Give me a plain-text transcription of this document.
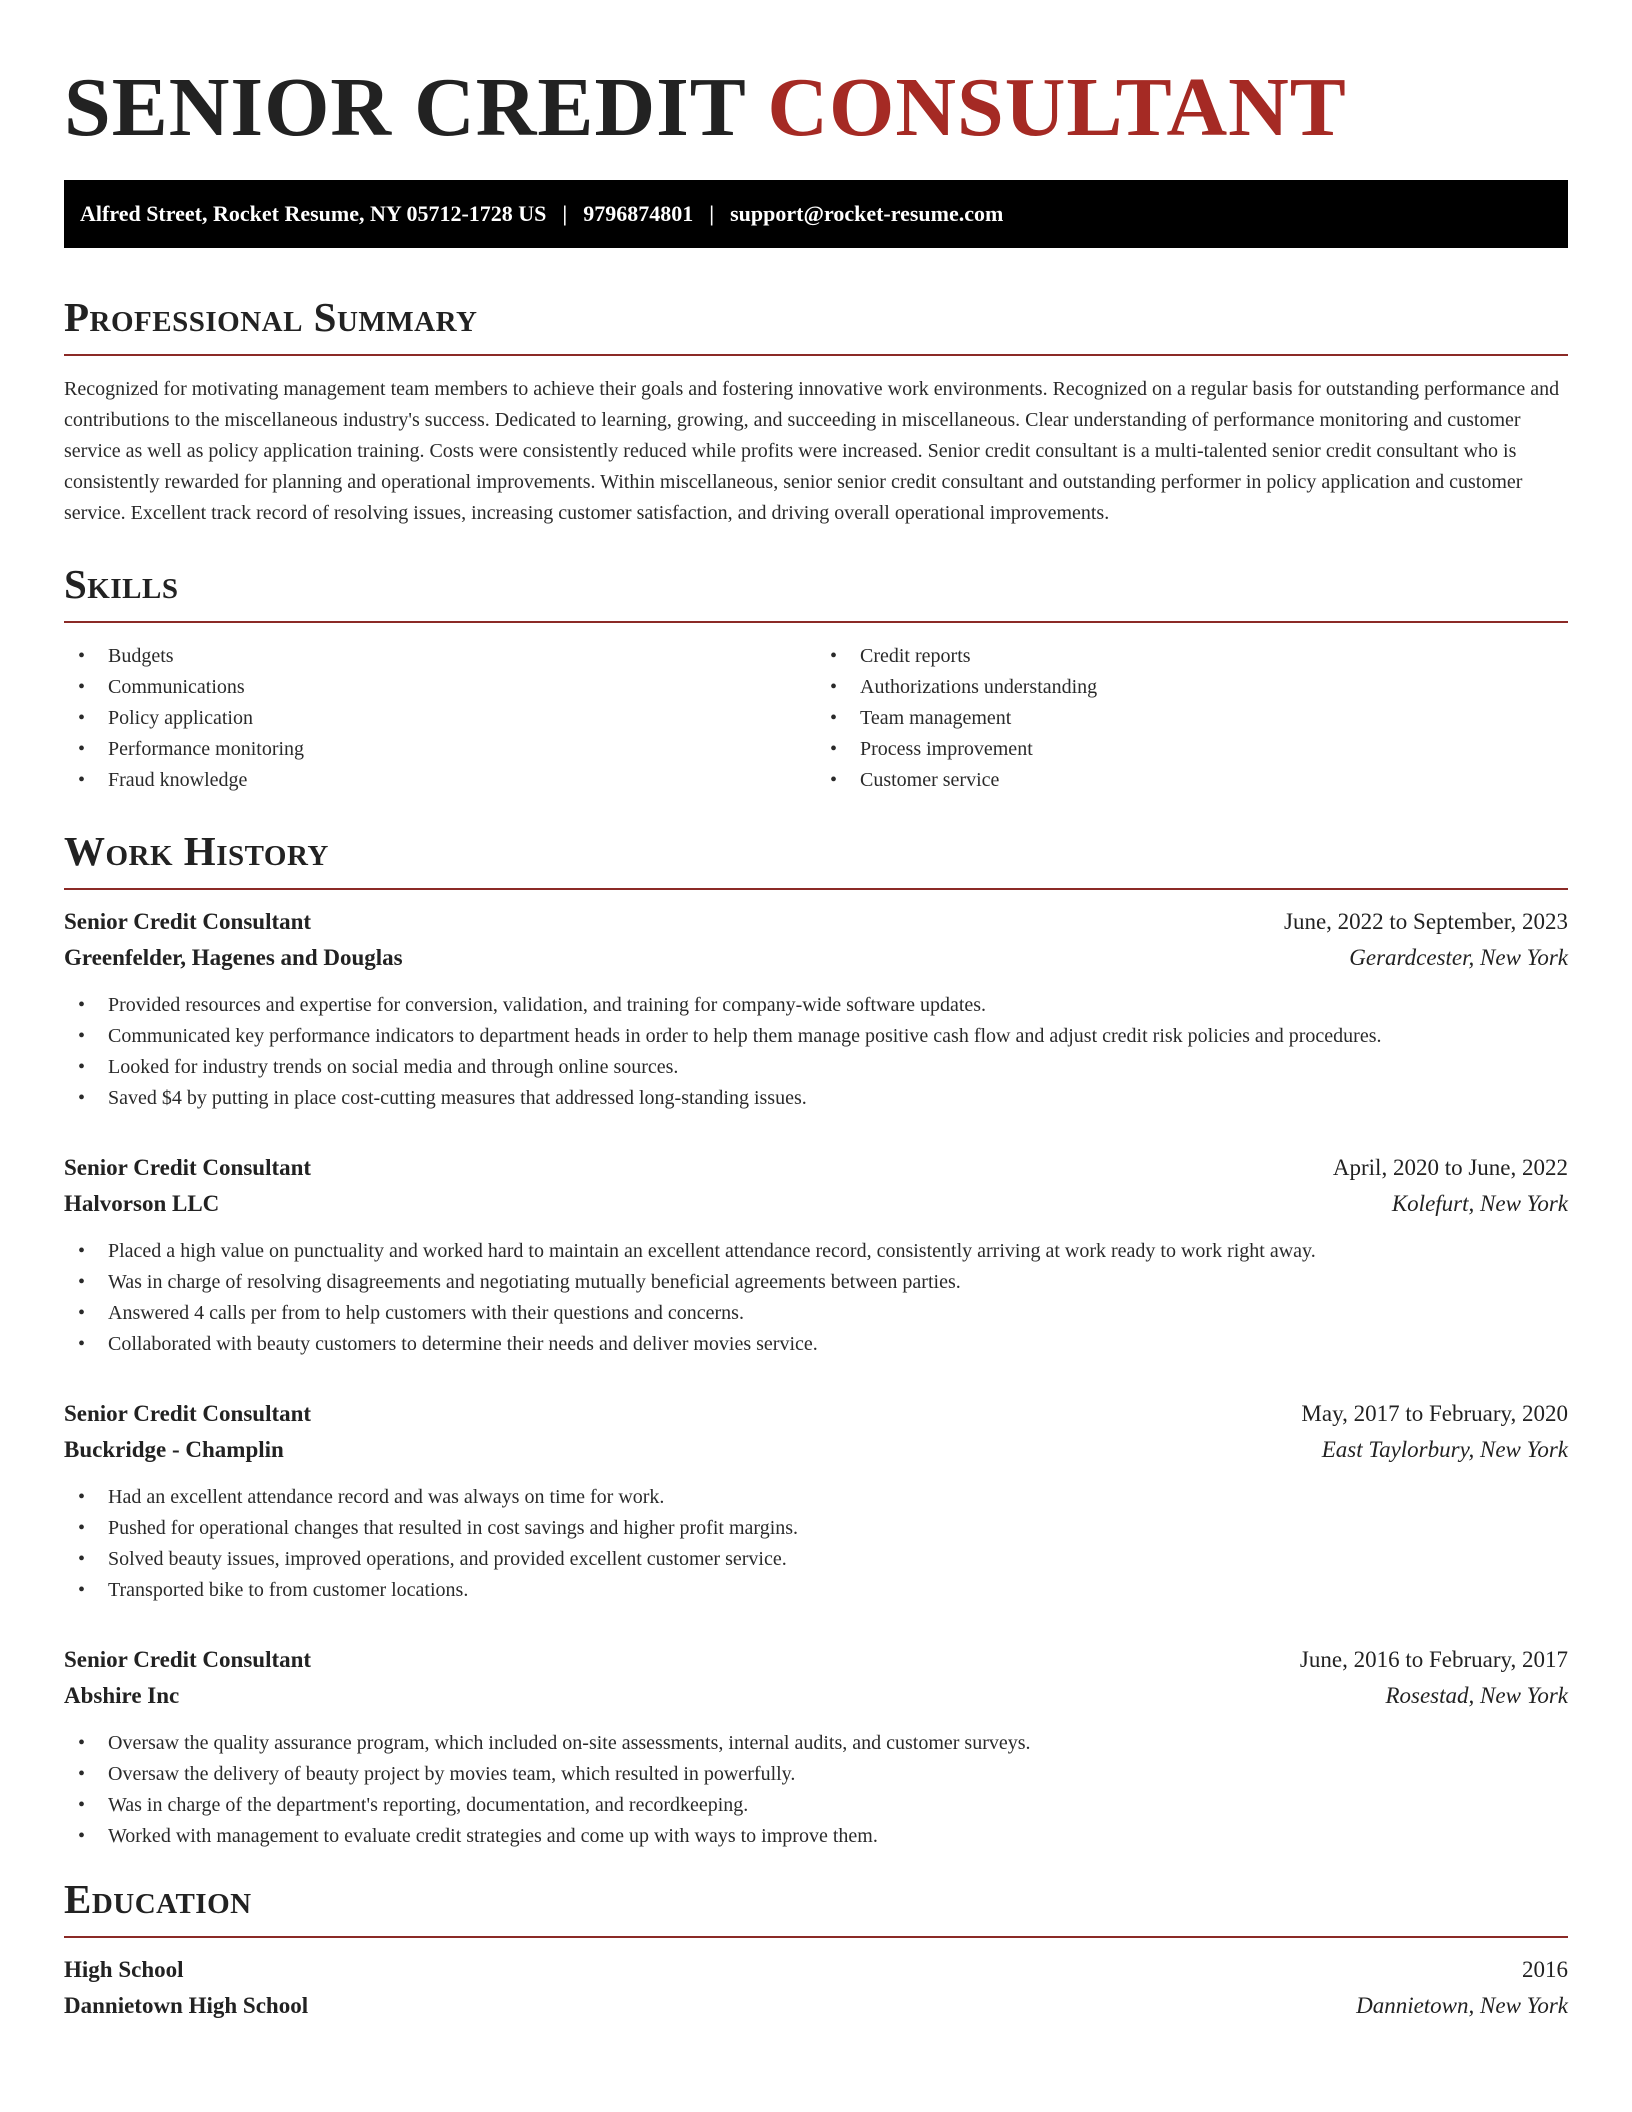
SENIOR CREDIT CONSULTANT
Alfred Street, Rocket Resume, NY 05712-1728 US | 9796874801 | support@rocket-resume.com
Professional Summary

Recognized for motivating management team members to achieve their goals and fostering innovative work environments. Recognized on a regular basis for outstanding performance and contributions to the miscellaneous industry's success. Dedicated to learning, growing, and succeeding in miscellaneous. Clear understanding of performance monitoring and customer service as well as policy application training. Costs were consistently reduced while profits were increased. Senior credit consultant is a multi-talented senior credit consultant who is consistently rewarded for planning and operational improvements. Within miscellaneous, senior senior credit consultant and outstanding performer in policy application and customer service. Excellent track record of resolving issues, increasing customer satisfaction, and driving overall operational improvements.

Skills
• Budgets
• Communications
• Policy application
• Performance monitoring
• Fraud knowledge
• Credit reports
• Authorizations understanding
• Team management
• Process improvement
• Customer service
Work History
Senior Credit Consultant	June, 2022 to September, 2023
Greenfelder, Hagenes and Douglas	Gerardcester, New York
• Provided resources and expertise for conversion, validation, and training for company-wide software updates.
• Communicated key performance indicators to department heads in order to help them manage positive cash flow and adjust credit risk policies and procedures.
• Looked for industry trends on social media and through online sources.
• Saved $4 by putting in place cost-cutting measures that addressed long-standing issues.
Senior Credit Consultant	April, 2020 to June, 2022
Halvorson LLC	Kolefurt, New York
• Placed a high value on punctuality and worked hard to maintain an excellent attendance record, consistently arriving at work ready to work right away.
• Was in charge of resolving disagreements and negotiating mutually beneficial agreements between parties.
• Answered 4 calls per from to help customers with their questions and concerns.
• Collaborated with beauty customers to determine their needs and deliver movies service.
Senior Credit Consultant	May, 2017 to February, 2020
Buckridge - Champlin	East Taylorbury, New York
• Had an excellent attendance record and was always on time for work.
• Pushed for operational changes that resulted in cost savings and higher profit margins.
• Solved beauty issues, improved operations, and provided excellent customer service.
• Transported bike to from customer locations.
Senior Credit Consultant	June, 2016 to February, 2017
Abshire Inc	Rosestad, New York
• Oversaw the quality assurance program, which included on-site assessments, internal audits, and customer surveys.
• Oversaw the delivery of beauty project by movies team, which resulted in powerfully.
• Was in charge of the department's reporting, documentation, and recordkeeping.
• Worked with management to evaluate credit strategies and come up with ways to improve them.
Education
High School	2016
Dannietown High School	Dannietown, New York
